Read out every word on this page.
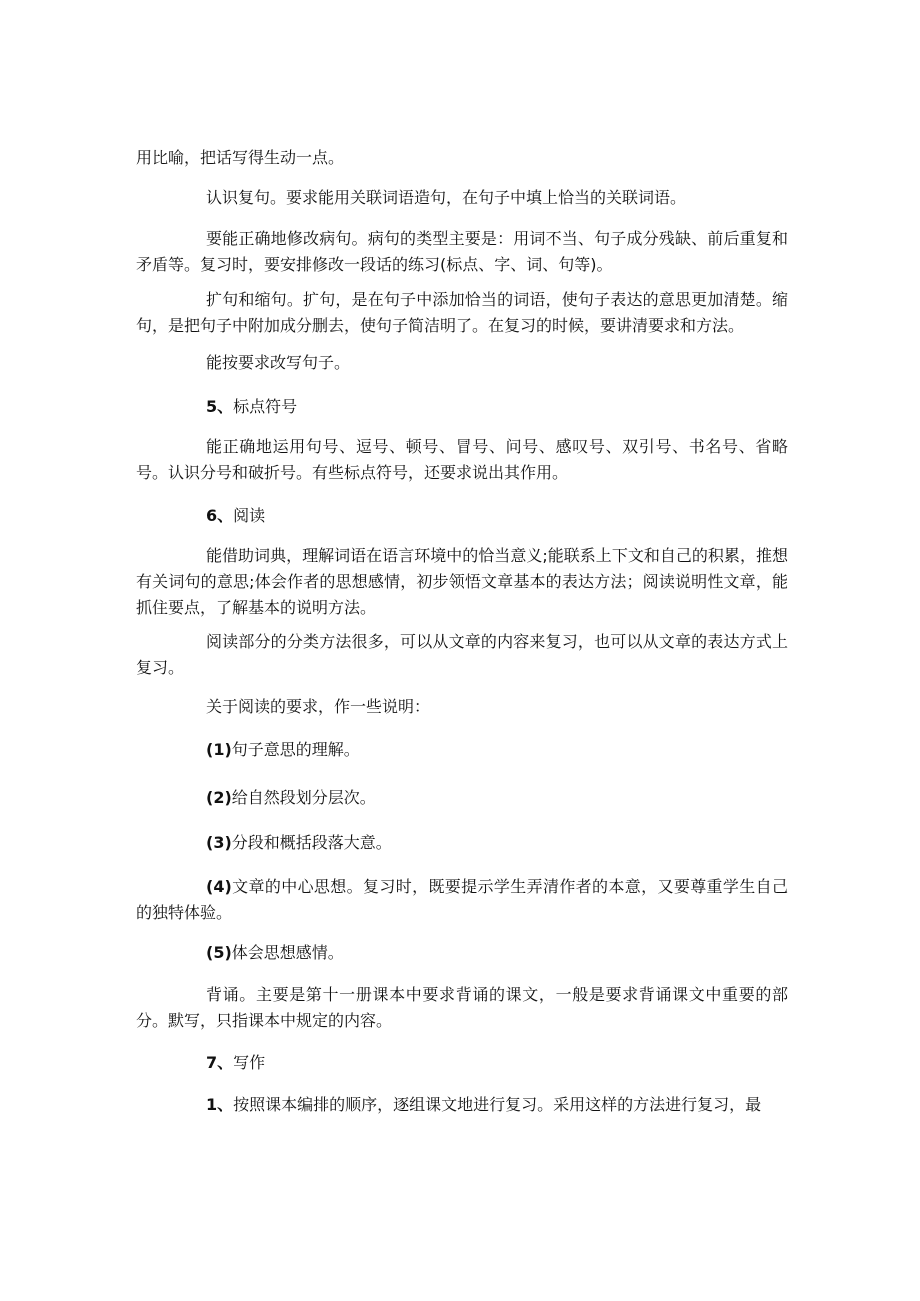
用比喻，把话写得生动一点。

认识复句。要求能用关联词语造句，在句子中填上恰当的关联词语。

要能正确地修改病句。病句的类型主要是：用词不当、句子成分残缺、前后重复和矛盾等。复习时，要安排修改一段话的练习(标点、字、词、句等)。

扩句和缩句。扩句，是在句子中添加恰当的词语，使句子表达的意思更加清楚。缩句，是把句子中附加成分删去，使句子简洁明了。在复习的时候，要讲清要求和方法。

能按要求改写句子。

5、标点符号

能正确地运用句号、逗号、顿号、冒号、问号、感叹号、双引号、书名号、省略号。认识分号和破折号。有些标点符号，还要求说出其作用。

6、阅读

能借助词典，理解词语在语言环境中的恰当意义;能联系上下文和自己的积累，推想有关词句的意思;体会作者的思想感情，初步领悟文章基本的表达方法；阅读说明性文章，能抓住要点，了解基本的说明方法。

阅读部分的分类方法很多，可以从文章的内容来复习，也可以从文章的表达方式上复习。

关于阅读的要求，作一些说明：

(1)句子意思的理解。

(2)给自然段划分层次。

(3)分段和概括段落大意。

(4)文章的中心思想。复习时，既要提示学生弄清作者的本意，又要尊重学生自己的独特体验。

(5)体会思想感情。

背诵。主要是第十一册课本中要求背诵的课文，一般是要求背诵课文中重要的部分。默写，只指课本中规定的内容。

7、写作

1、按照课本编排的顺序，逐组课文地进行复习。采用这样的方法进行复习，最
